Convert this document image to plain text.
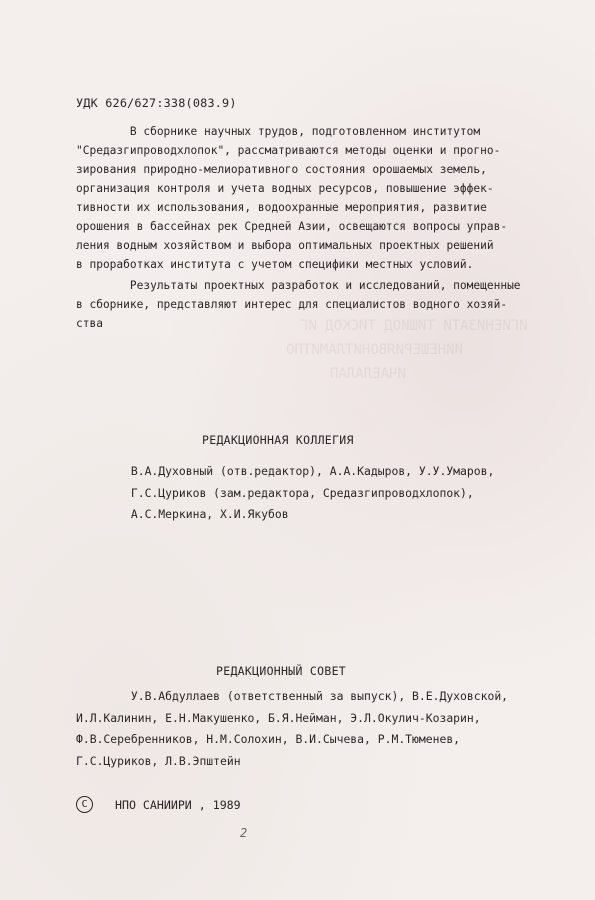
ИГИЕНИЗАТИ ТИШИОД ТИСКОД ИГ
ИИНЕШЕРИЯВОНИТЛАМИТПО
ИЧАЕЛАЛАП
УДК 626/627:338(083.9)
В сборнике научных трудов, подготовленном институтом
"Средазгипроводхлопок", рассматриваются методы оценки и прогно-
зирования природно-мелиоративного состояния орошаемых земель,
организация контроля и учета водных ресурсов, повышение эффек-
тивности их использования, водоохранные мероприятия, развитие
орошения в бассейнах рек Средней Азии, освещаются вопросы управ-
ления водным хозяйством и выбора оптимальных проектных решений
в проработках института с учетом специфики местных условий.
Результаты проектных разработок и исследований, помещенные
в сборнике, представляют интерес для специалистов водного хозяй-
ства
РЕДАКЦИОННАЯ КОЛЛЕГИЯ
В.А.Духовный (отв.редактор), А.А.Кадыров, У.У.Умаров,
Г.С.Цуриков (зам.редактора, Средазгипроводхлопок),
А.С.Меркина, Х.И.Якубов
РЕДАКЦИОННЫЙ СОВЕТ
У.В.Абдуллаев (ответственный за выпуск), В.Е.Духовской,
И.Л.Калинин, Е.Н.Макушенко, Б.Я.Нейман, Э.Л.Окулич-Козарин,
Ф.В.Серебренников, Н.М.Солохин, В.И.Сычева, Р.М.Тюменев,
Г.С.Цуриков, Л.В.Эпштейн
C	НПО САНИИРИ , 1989
2
